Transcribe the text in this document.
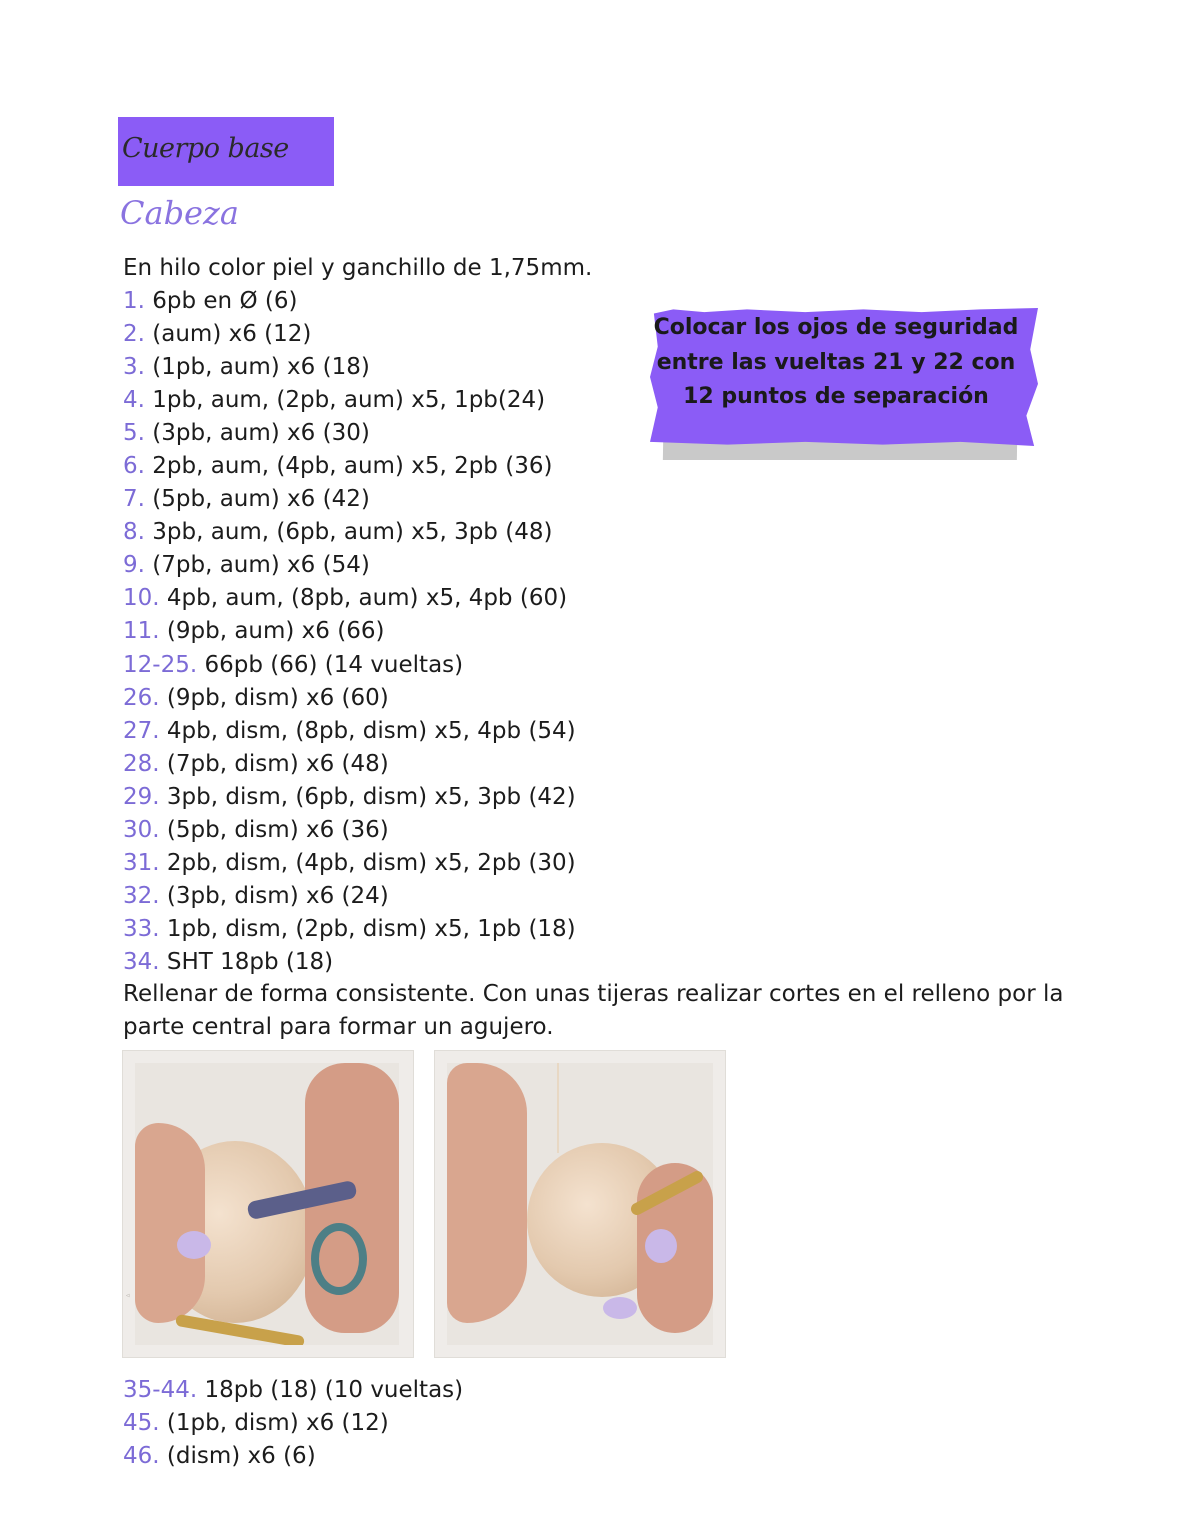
Cuerpo base
Cabeza
En hilo color piel y ganchillo de 1,75mm.
1. 6pb en Ø (6)
2. (aum) x6 (12)
3. (1pb, aum) x6 (18)
4. 1pb, aum, (2pb, aum) x5, 1pb(24)
5. (3pb, aum) x6 (30)
6. 2pb, aum, (4pb, aum) x5, 2pb (36)
7. (5pb, aum) x6 (42)
8. 3pb, aum, (6pb, aum) x5, 3pb (48)
9. (7pb, aum) x6 (54)
10. 4pb, aum, (8pb, aum) x5, 4pb (60)
11. (9pb, aum) x6 (66)
12-25. 66pb (66) (14 vueltas)
26. (9pb, dism) x6 (60)
27. 4pb, dism, (8pb, dism) x5, 4pb (54)
28. (7pb, dism) x6 (48)
29. 3pb, dism, (6pb, dism) x5, 3pb (42)
30. (5pb, dism) x6 (36)
31. 2pb, dism, (4pb, dism) x5, 2pb (30)
32. (3pb, dism) x6 (24)
33. 1pb, dism, (2pb, dism) x5, 1pb (18)
34. SHT 18pb (18)
Colocar los ojos de seguridad entre las vueltas 21 y 22 con 12 puntos de separación
Rellenar de forma consistente. Con unas tijeras realizar cortes en el relleno por la parte central para formar un agujero.
▵
35-44. 18pb (18) (10 vueltas)
45. (1pb, dism) x6 (12)
46. (dism) x6 (6)
